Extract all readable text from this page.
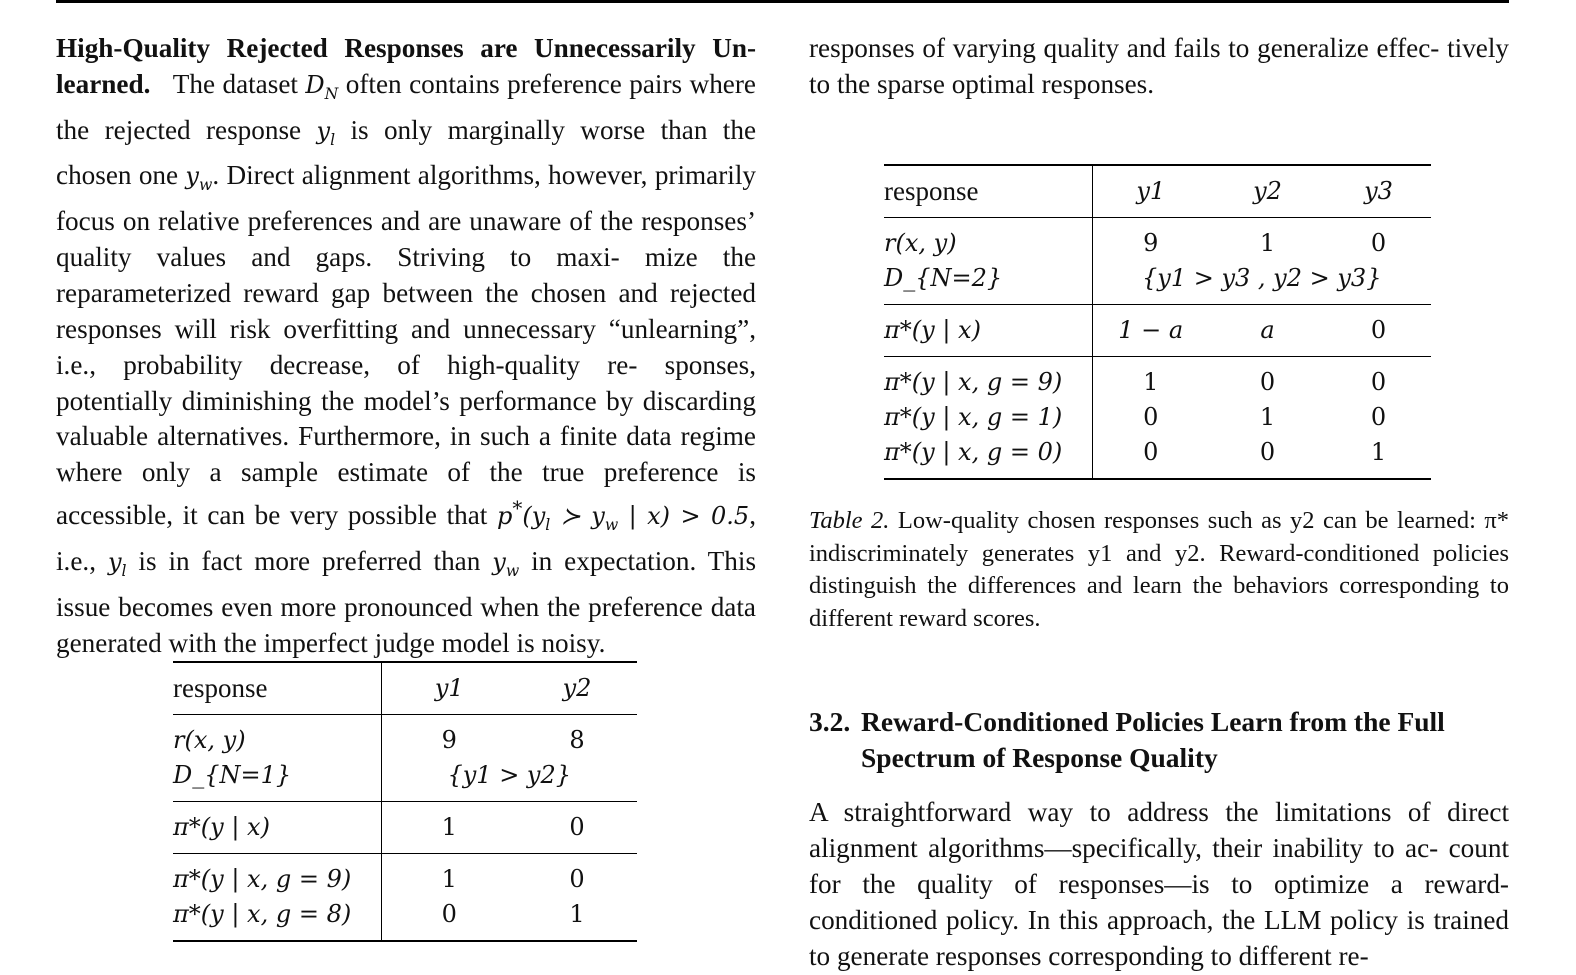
High-Quality Rejected Responses are Unnecessarily Un-learned. The dataset $D_N$ often contains preference pairs where the rejected response $y_l$ is only marginally worse than the chosen one $y_w$. Direct alignment algorithms, however, primarily focus on relative preferences and are unaware of the responses’ quality values and gaps. Striving to maxi- mize the reparameterized reward gap between the chosen and rejected responses will risk overfitting and unnecessary “unlearning”, i.e., probability decrease, of high-quality re- sponses, potentially diminishing the model’s performance by discarding valuable alternatives. Furthermore, in such a finite data regime where only a sample estimate of the true preference is accessible, it can be very possible that $p^*(y_l$ ≻ $y_w$ | x) > 0.5, i.e., $y_l$ is in fact more preferred than $y_w$ in expectation. This issue becomes even more pronounced when the preference data generated with the imperfect judge model is noisy.

response	y1	y2
r(x, y)	9	8
D_{N=1}	{y1 > y2}	
π*(y | x)	1	0
π*(y | x, g = 9)	1	0
π*(y | x, g = 8)	0	1

responses of varying quality and fails to generalize effec- tively to the sparse optimal responses.

response	y1	y2	y3
r(x, y)	9	1	0
D_{N=2}	{y1 > y3 , y2 > y3}		
π*(y | x)	1 − a	a	0
π*(y | x, g = 9)	1	0	0
π*(y | x, g = 1)	0	1	0
π*(y | x, g = 0)	0	0	1

Table 2. Low-quality chosen responses such as y2 can be learned: π* indiscriminately generates y1 and y2. Reward-conditioned policies distinguish the differences and learn the behaviors corresponding to different reward scores.

3.2. Reward-Conditioned Policies Learn from the Full
Spectrum of Response Quality

A straightforward way to address the limitations of direct alignment algorithms—specifically, their inability to ac- count for the quality of responses—is to optimize a reward- conditioned policy. In this approach, the LLM policy is trained to generate responses corresponding to different re-
